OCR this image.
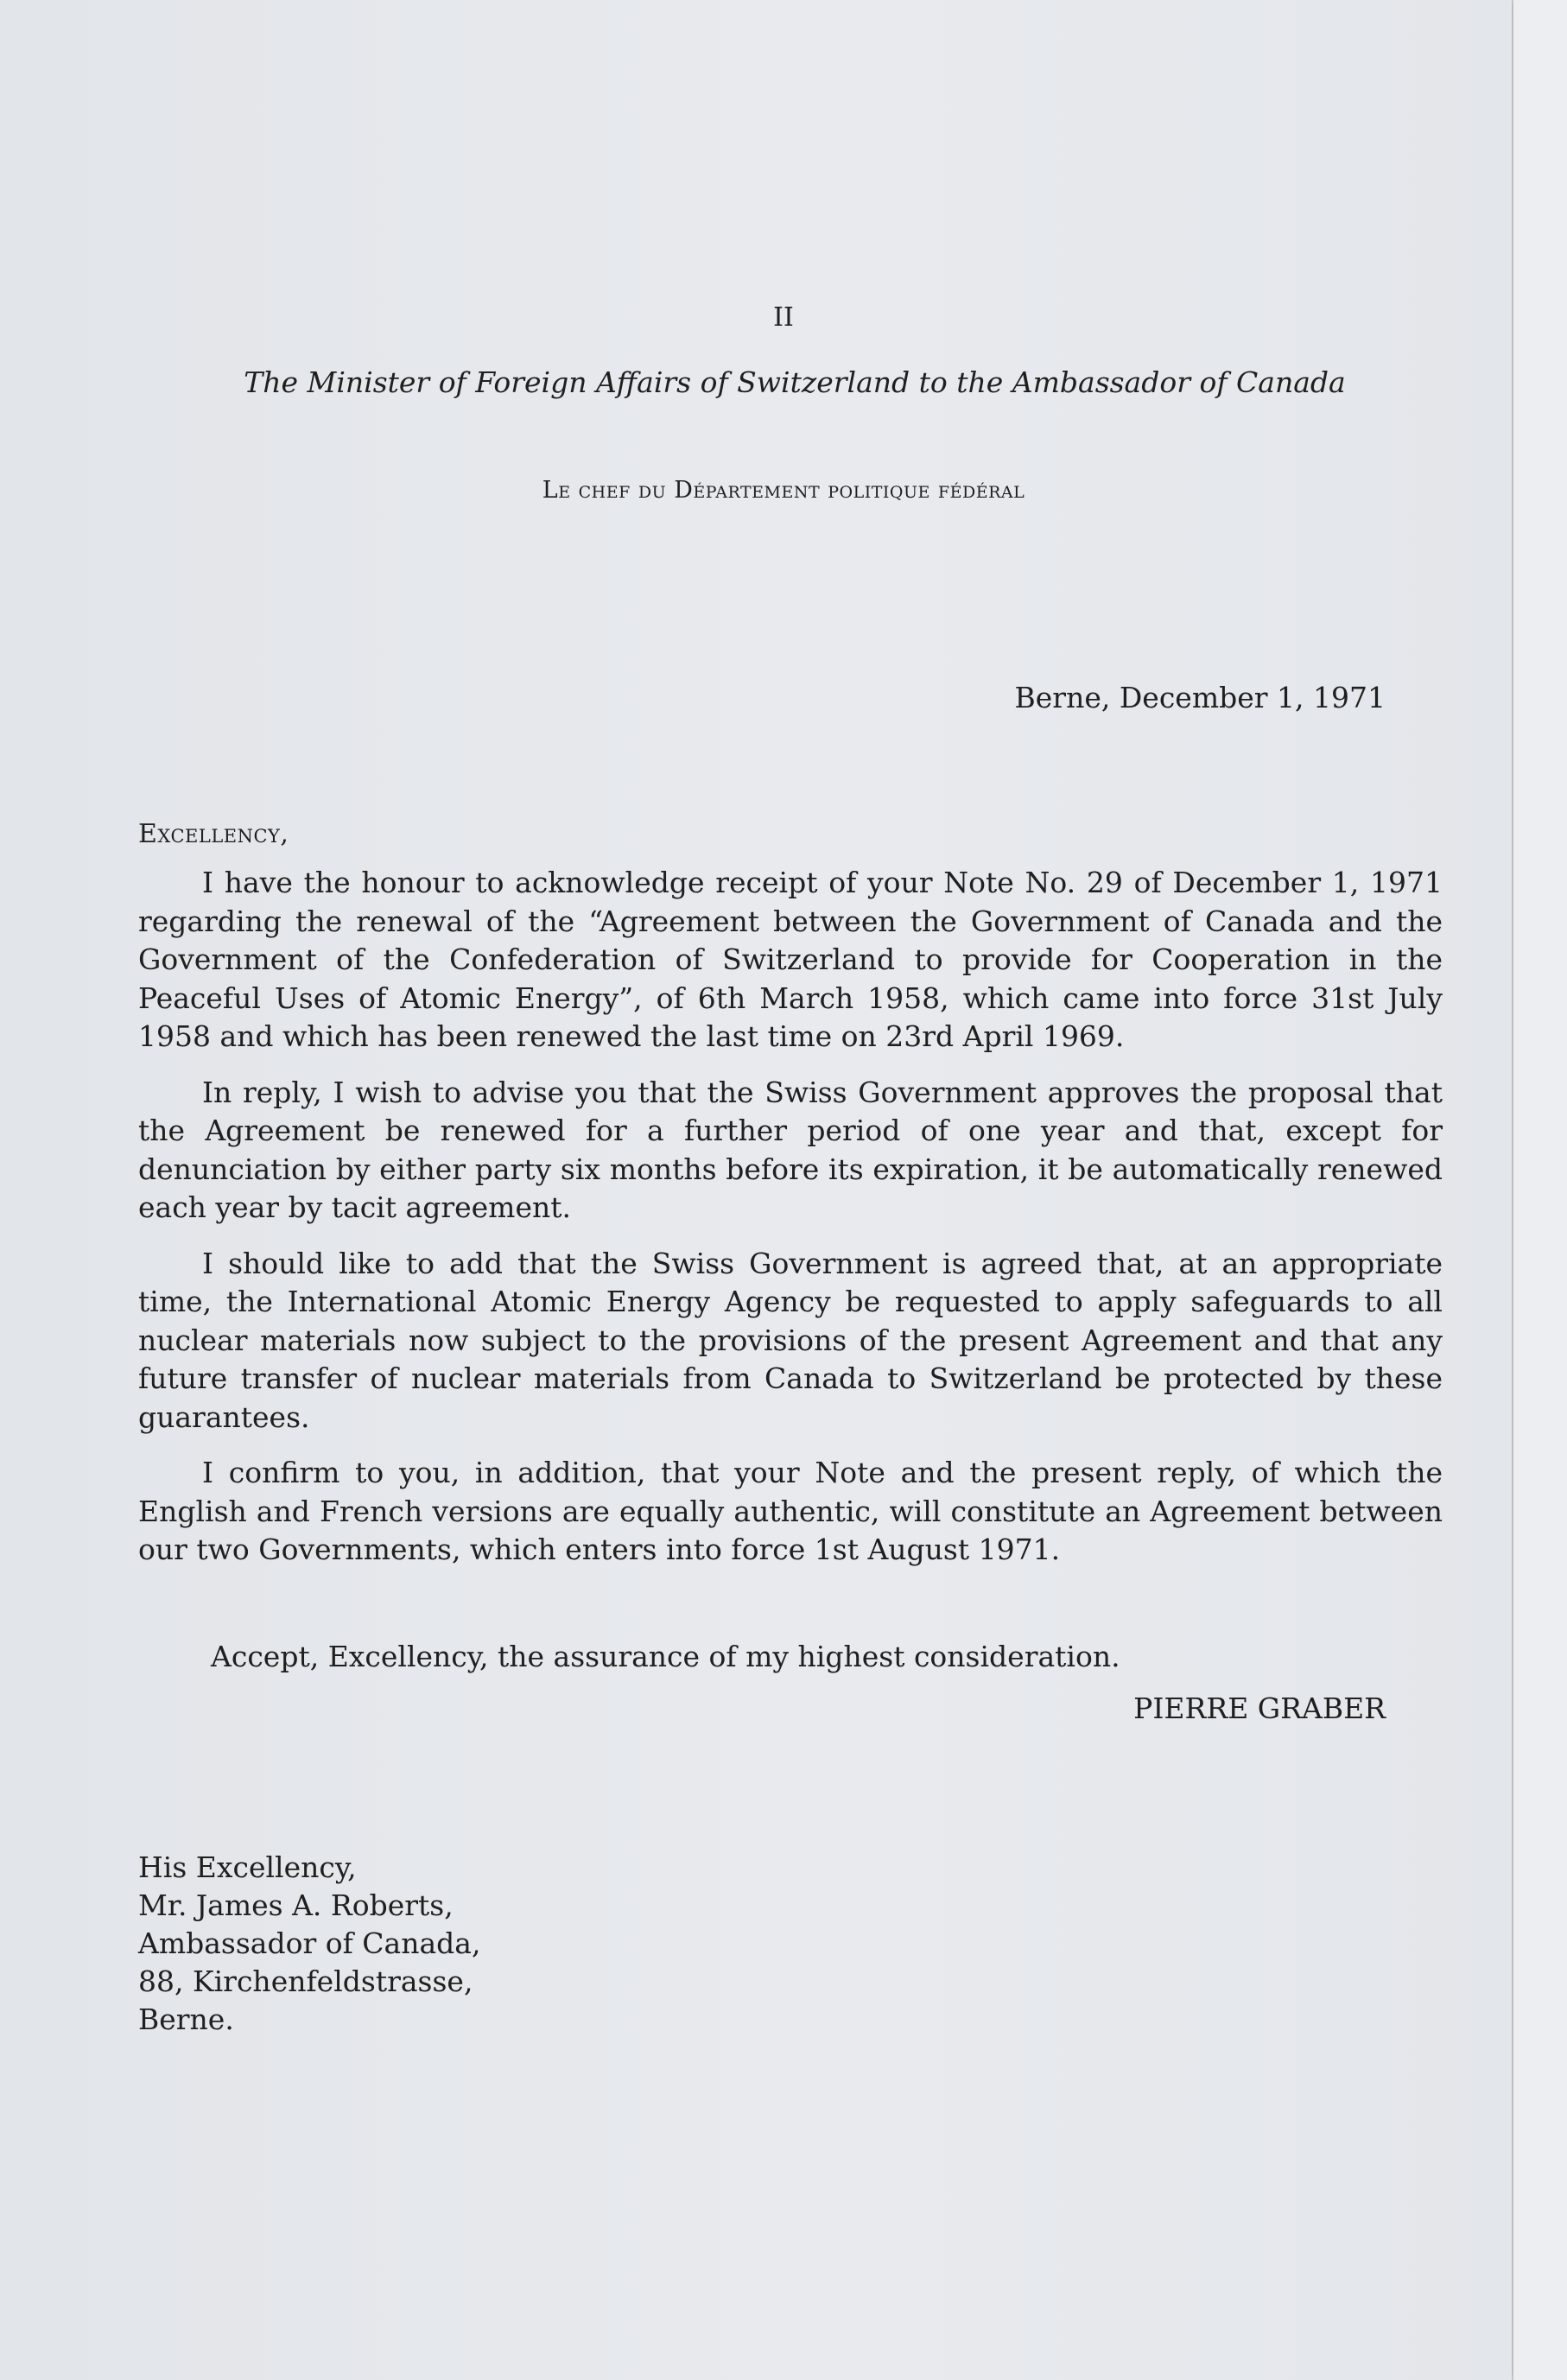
II
The Minister of Foreign Affairs of Switzerland to the Ambassador of Canada
Le chef du Département politique fédéral
Berne, December 1, 1971
Excellency,

I have the honour to acknowledge receipt of your Note No. 29 of December 1, 1971 regarding the renewal of the “Agreement between the Government of Canada and the Government of the Confederation of Switzerland to provide for Cooperation in the Peaceful Uses of Atomic Energy”, of 6th March 1958, which came into force 31st July 1958 and which has been renewed the last time on 23rd April 1969.

In reply, I wish to advise you that the Swiss Government approves the proposal that the Agreement be renewed for a further period of one year and that, except for denunciation by either party six months before its expiration, it be automatically renewed each year by tacit agreement.

I should like to add that the Swiss Government is agreed that, at an appropriate time, the International Atomic Energy Agency be requested to apply safeguards to all nuclear materials now subject to the provisions of the present Agreement and that any future transfer of nuclear materials from Canada to Switzerland be protected by these guarantees.

I confirm to you, in addition, that your Note and the present reply, of which the English and French versions are equally authentic, will constitute an Agreement between our two Governments, which enters into force 1st August 1971.

Accept, Excellency, the assurance of my highest consideration.
PIERRE GRABER
His Excellency,
Mr. James A. Roberts,
Ambassador of Canada,
88, Kirchenfeldstrasse,
Berne.
